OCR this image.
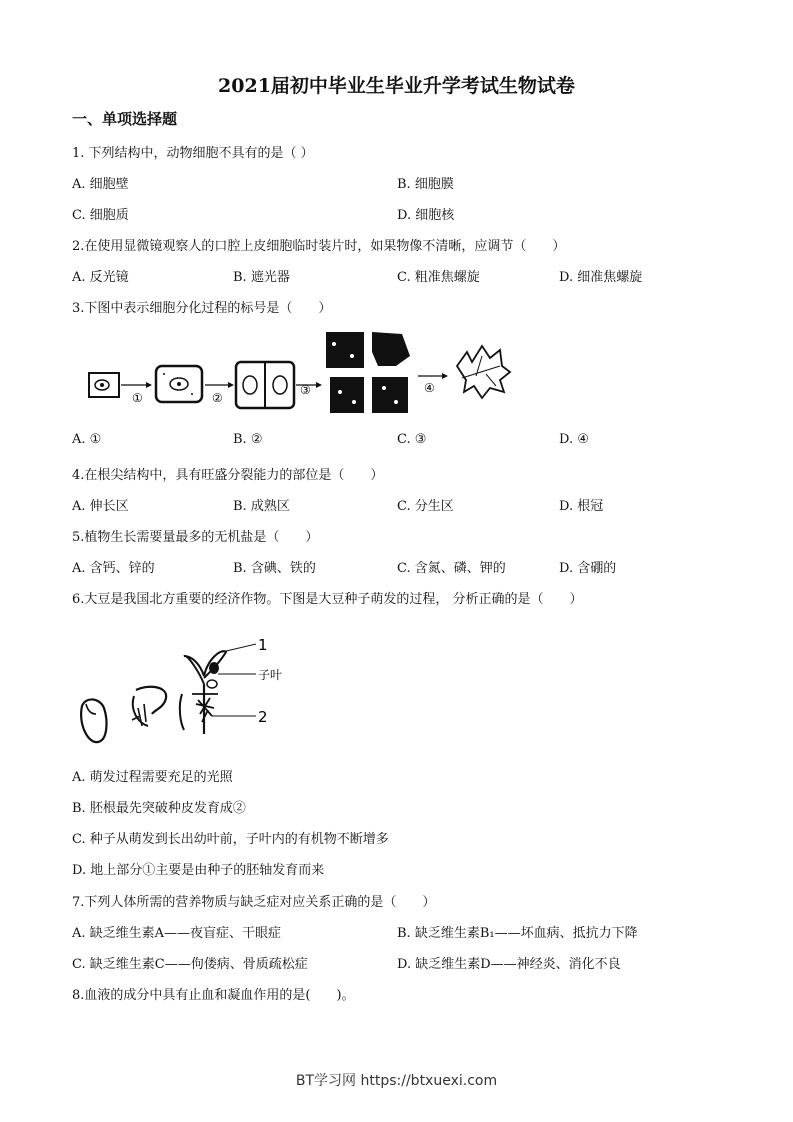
2021届初中毕业生毕业升学考试生物试卷
一、单项选择题
1. 下列结构中，动物细胞不具有的是（ ）
A. 细胞壁	B. 细胞膜
C. 细胞质	D. 细胞核
2.在使用显微镜观察人的口腔上皮细胞临时装片时，如果物像不清晰，应调节（　　）
A. 反光镜	B. 遮光器	C. 粗准焦螺旋	D. 细准焦螺旋
3.下图中表示细胞分化过程的标号是（　　）
①	②
③	④
A. ①	B. ②	C. ③	D. ④
4.在根尖结构中，具有旺盛分裂能力的部位是（　　）
A. 伸长区	B. 成熟区	C. 分生区	D. 根冠
5.植物生长需要量最多的无机盐是（　　）
A. 含钙、锌的	B. 含碘、铁的	C. 含氮、磷、钾的	D. 含硼的
6.大豆是我国北方重要的经济作物。下图是大豆种子萌发的过程， 分析正确的是（　　）
1
子叶
2
A. 萌发过程需要充足的光照
B. 胚根最先突破种皮发育成②
C. 种子从萌发到长出幼叶前，子叶内的有机物不断增多
D. 地上部分①主要是由种子的胚轴发育而来
7.下列人体所需的营养物质与缺乏症对应关系正确的是（　　）
A. 缺乏维生素A——夜盲症、干眼症	B. 缺乏维生素B₁——坏血病、抵抗力下降
C. 缺乏维生素C——佝偻病、骨质疏松症	D. 缺乏维生素D——神经炎、消化不良
8.血液的成分中具有止血和凝血作用的是(　　)。
BT学习网 https://btxuexi.com
